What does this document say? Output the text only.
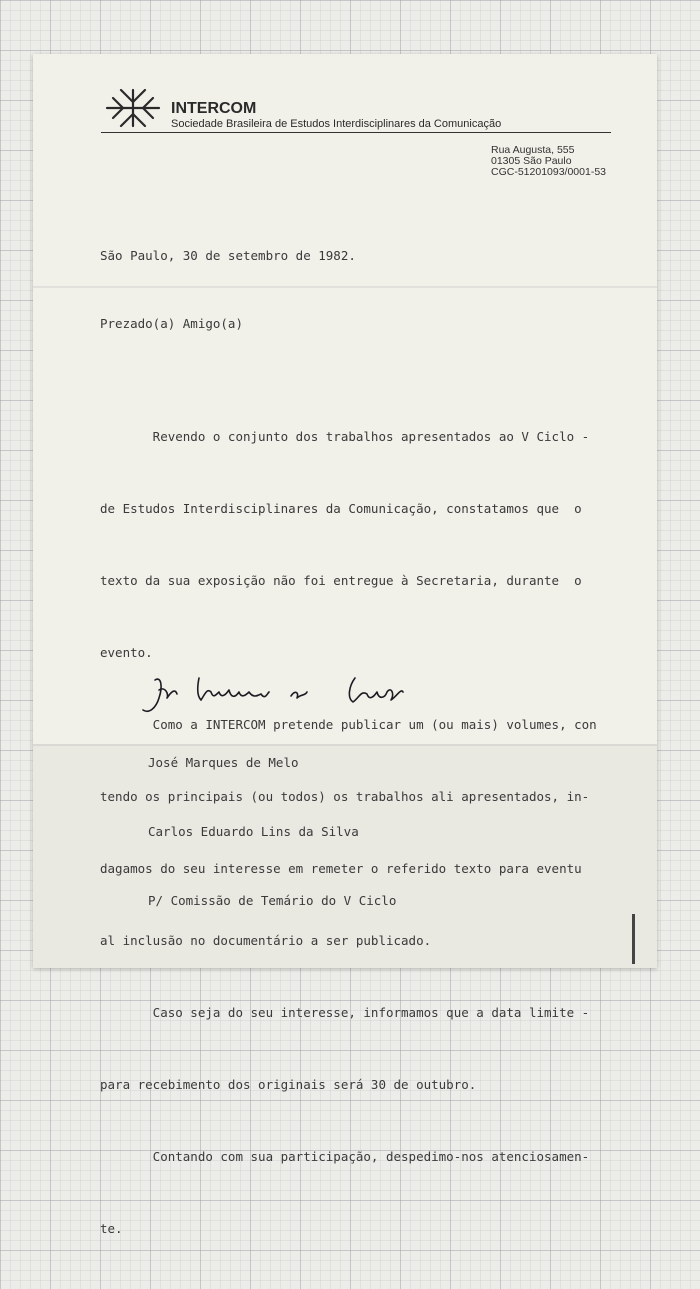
INTERCOM
Sociedade Brasileira de Estudos Interdisciplinares da Comunicação
Rua Augusta, 555
01305 São Paulo
CGC-51201093/0001-53
São Paulo, 30 de setembro de 1982.
Prezado(a) Amigo(a)

Revendo o conjunto dos trabalhos apresentados ao V Ciclo -

de Estudos Interdisciplinares da Comunicação, constatamos que  o

texto da sua exposição não foi entregue à Secretaria, durante  o

evento.

Como a INTERCOM pretende publicar um (ou mais) volumes, con

tendo os principais (ou todos) os trabalhos ali apresentados, in-

dagamos do seu interesse em remeter o referido texto para eventu

al inclusão no documentário a ser publicado.

Caso seja do seu interesse, informamos que a data limite -

para recebimento dos originais será 30 de outubro.

Contando com sua participação, despedimo-nos atenciosamen-

te.

José Marques de Melo

Carlos Eduardo Lins da Silva

P/ Comissão de Temário do V Ciclo
